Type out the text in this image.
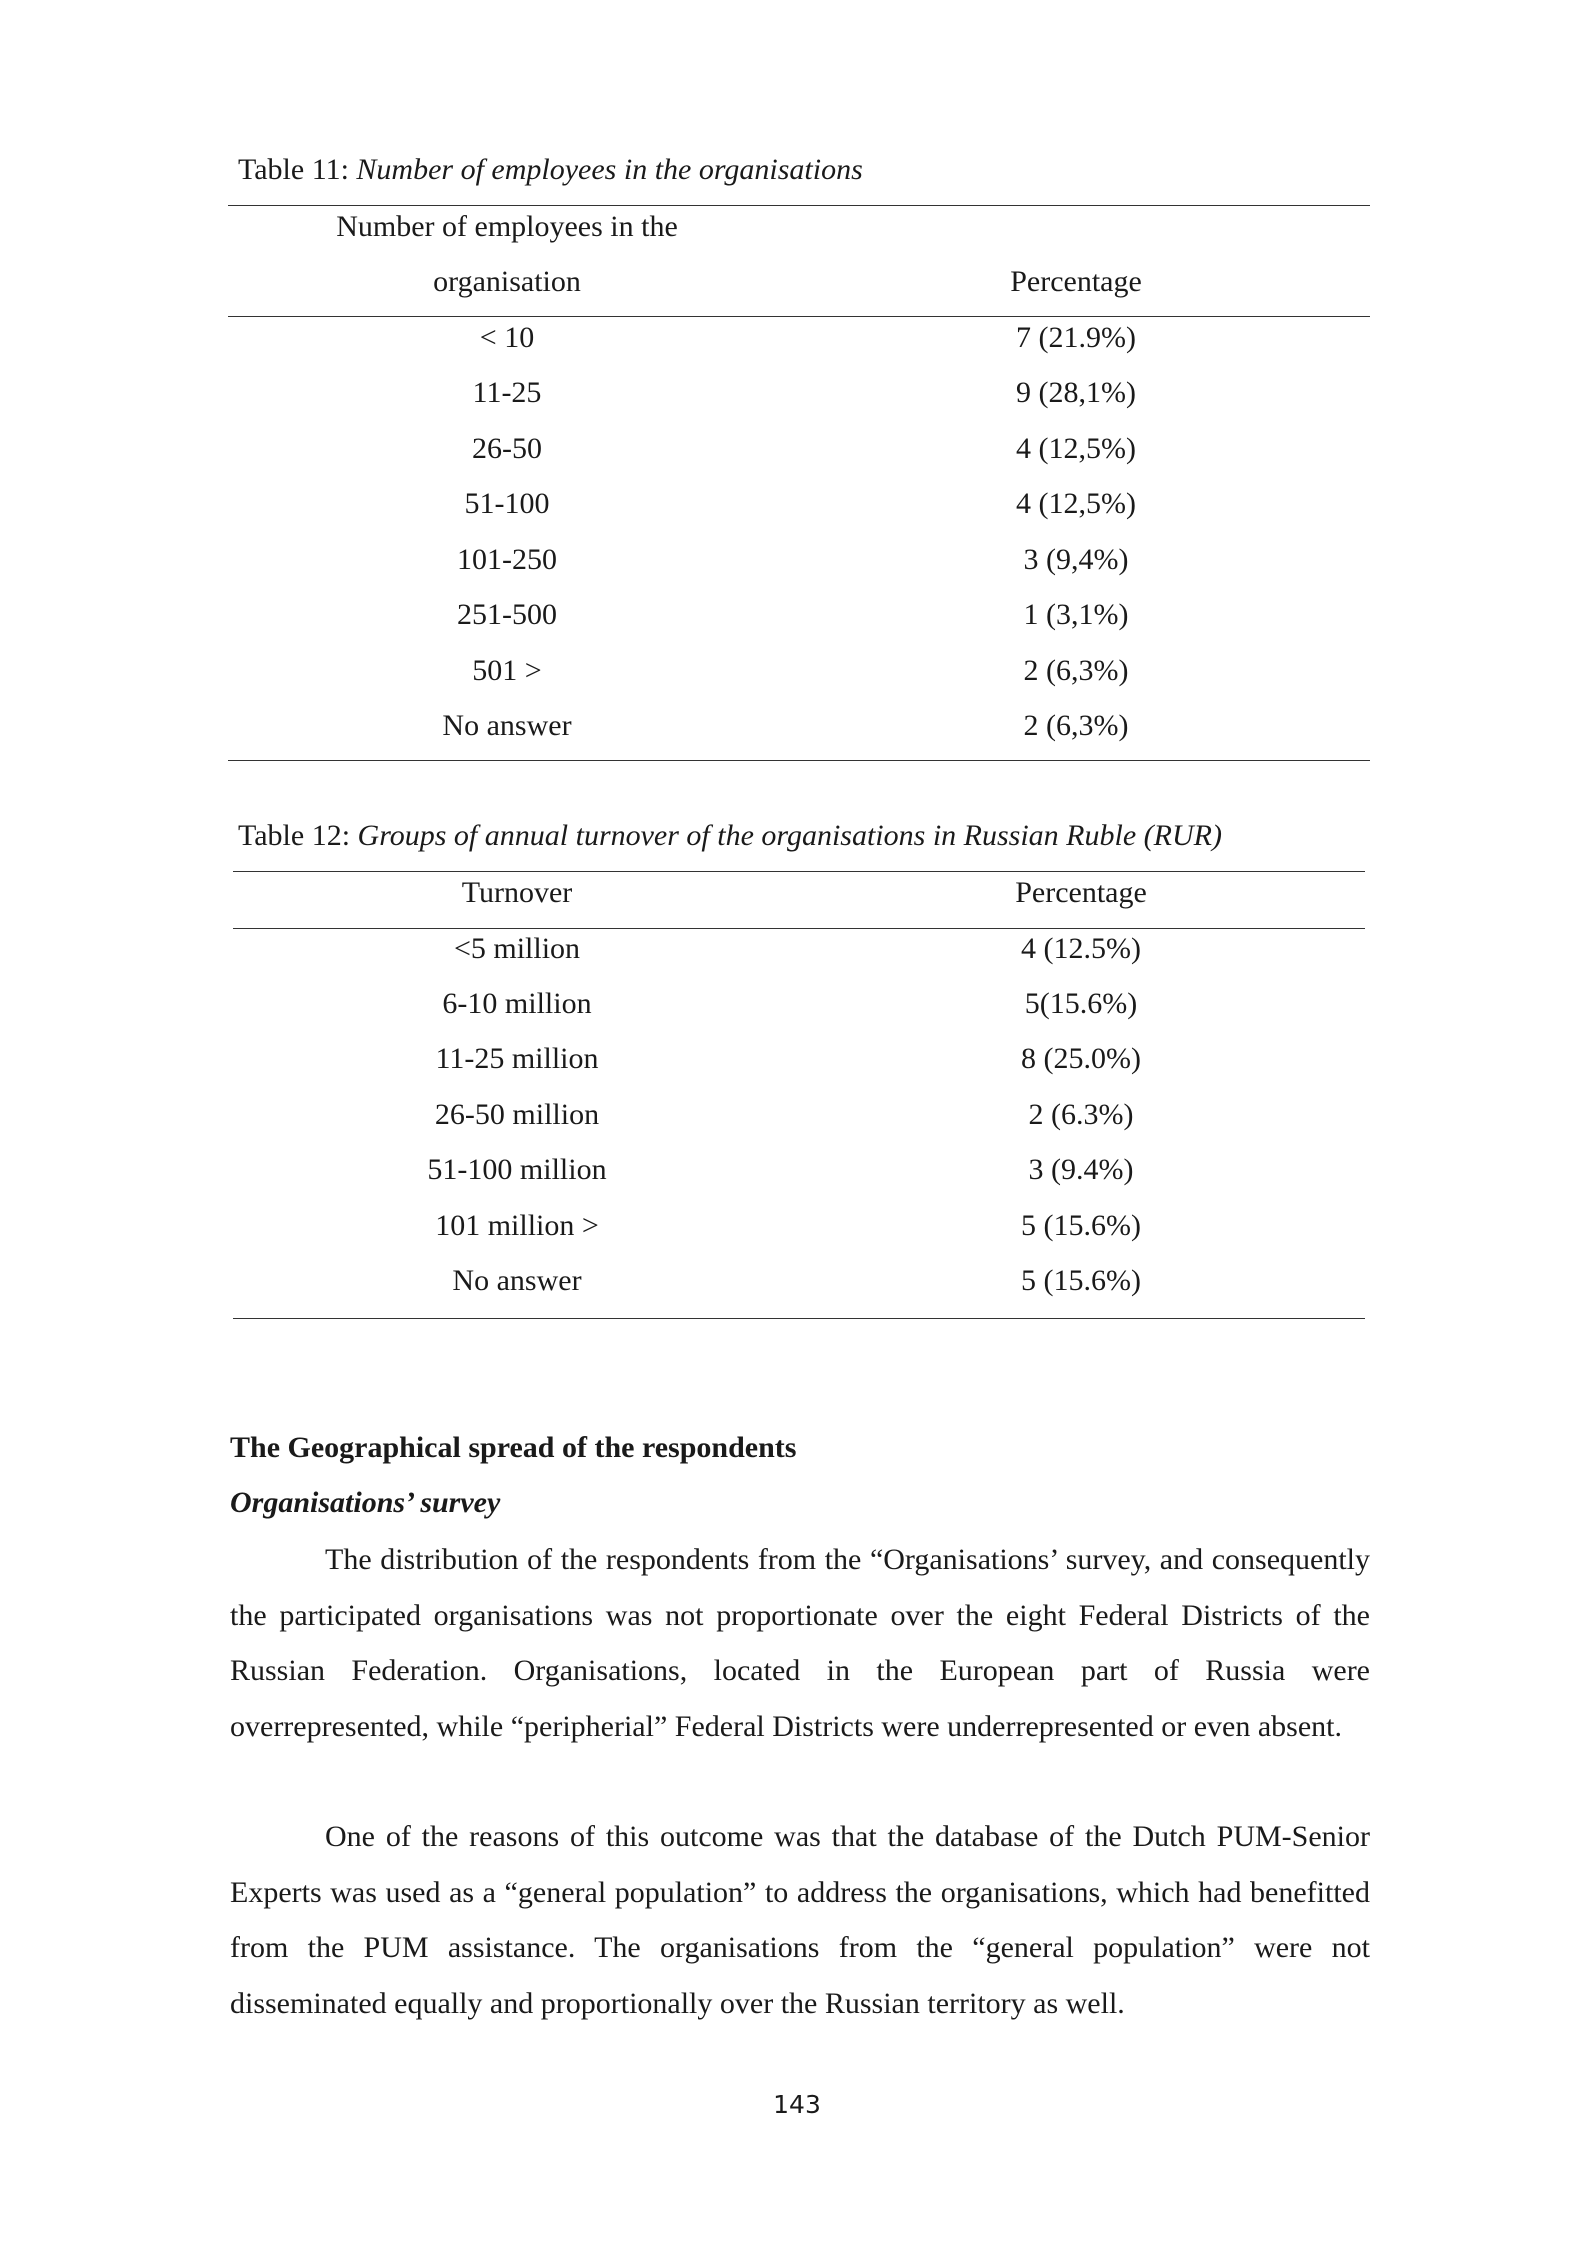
Table 11: Number of employees in the organisations
Number of employees in the
organisation	Percentage
< 10	7 (21.9%)
11-25	9 (28,1%)
26-50	4 (12,5%)
51-100	4 (12,5%)
101-250	3 (9,4%)
251-500	1 (3,1%)
501 >	2 (6,3%)
No answer	2 (6,3%)
Table 12: Groups of annual turnover of the organisations in Russian Ruble (RUR)
Turnover	Percentage
<5 million	4 (12.5%)
6-10 million	5(15.6%)
11-25 million	8 (25.0%)
26-50 million	2 (6.3%)
51-100 million	3 (9.4%)
101 million >	5 (15.6%)
No answer	5 (15.6%)
The Geographical spread of the respondents
Organisations’ survey
The distribution of the respondents from the “Organisations’ survey, and consequently the participated organisations was not proportionate over the eight Federal Districts of the Russian Federation. Organisations, located in the European part of Russia were overrepresented, while “peripherial” Federal Districts were underrepresented or even absent.
One of the reasons of this outcome was that the database of the Dutch PUM-Senior Experts was used as a “general population” to address the organisations, which had benefitted from the PUM assistance. The organisations from the “general population” were not disseminated equally and proportionally over the Russian territory as well.
143
